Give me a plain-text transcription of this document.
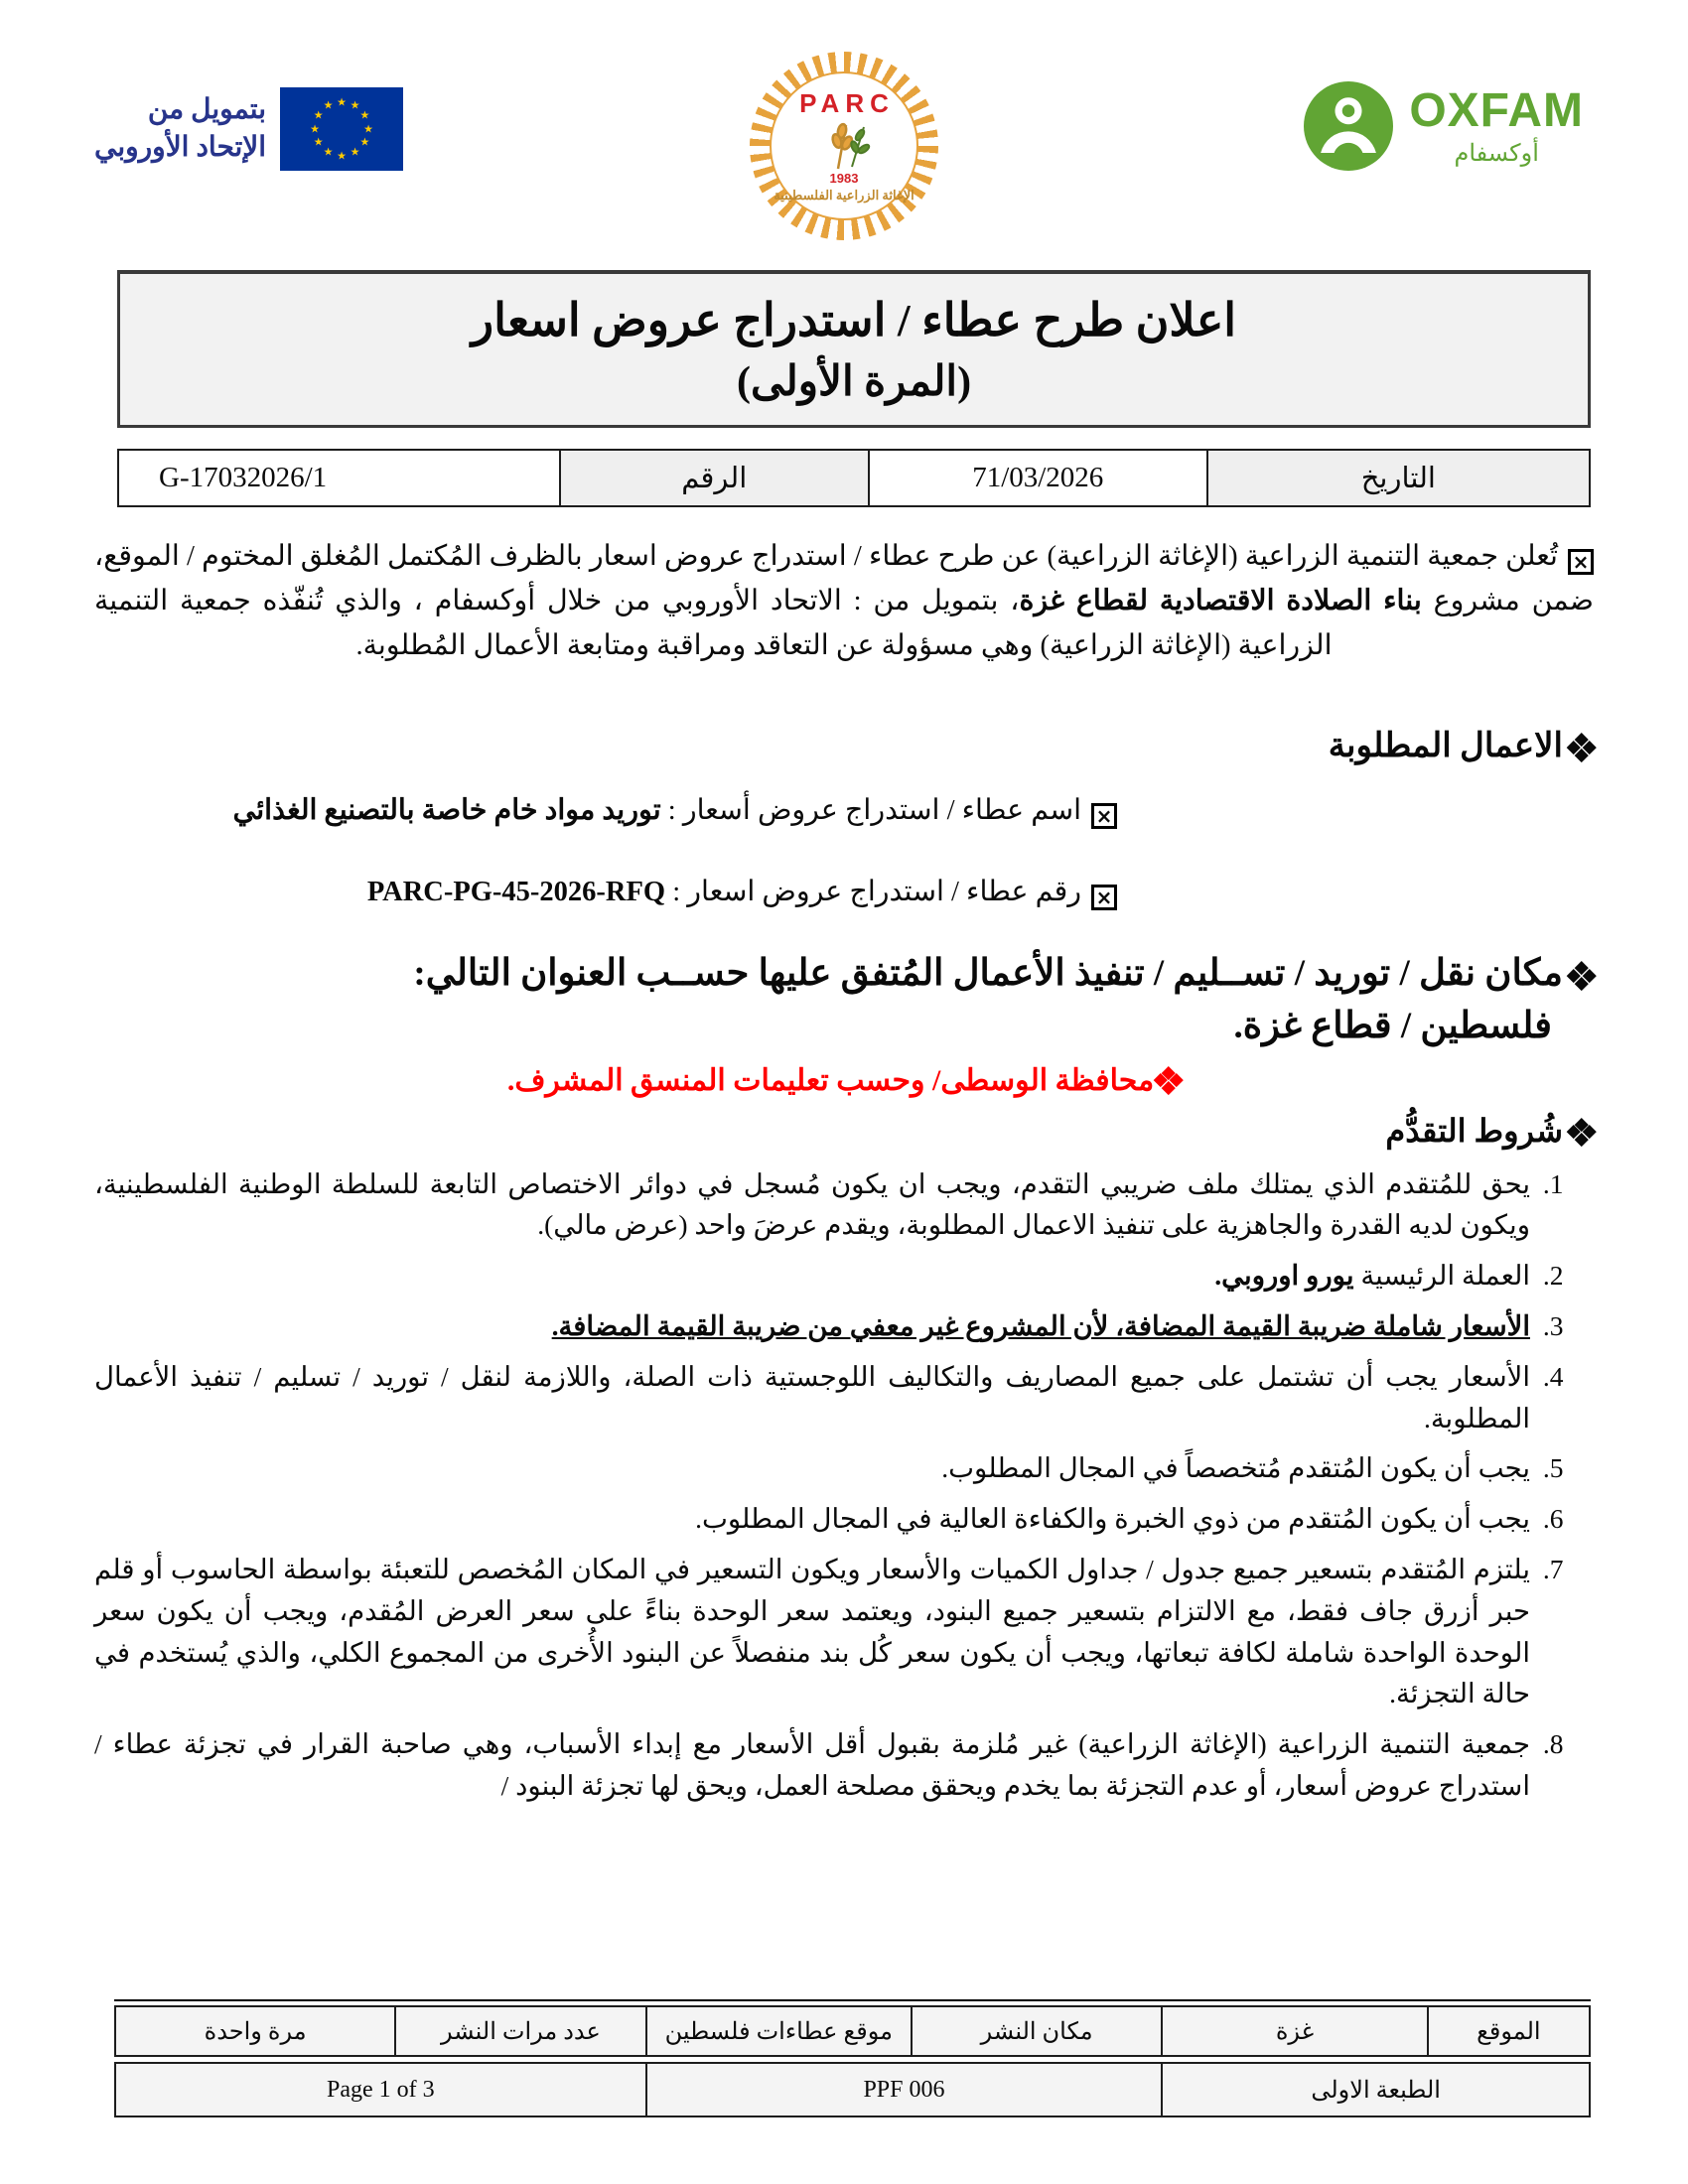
بتمويل من
الإتحاد الأوروبي
★ ★
★
★
★
★
★
★
★
★
★
★	PARC
1983
الإغاثة الزراعية الفلسطينية
OXFAM
أوكسفام
اعلان طرح عطاء / استدراج عروض اسعار
(المرة الأولى)
التاريخ	71/03/2026	الرقم	G-17032026/1

×تُعلن جمعية التنمية الزراعية (الإغاثة الزراعية) عن طرح عطاء / استدراج عروض اسعار بالظرف المُكتمل المُغلق المختوم / الموقع، ضمن مشروع بناء الصلادة الاقتصادية لقطاع غزة، بتمويل من : الاتحاد الأوروبي من خلال أوكسفام ، والذي تُنفّذه جمعية التنمية الزراعية (الإغاثة الزراعية) وهي مسؤولة عن التعاقد ومراقبة ومتابعة الأعمال المُطلوبة.

الاعمال المطلوبة
×اسم عطاء / استدراج عروض أسعار : توريد مواد خام خاصة بالتصنيع الغذائي
×رقم عطاء / استدراج عروض اسعار : PARC-PG-45-2026-RFQ
مكان نقل / توريد / تســليم / تنفيذ الأعمال المُتفق عليها حســب العنوان التالي:
فلسطين / قطاع غزة.
محافظة الوسطى/ وحسب تعليمات المنسق المشرف.
شُروط التقدُّم
1. يحق للمُتقدم الذي يمتلك ملف ضريبي التقدم، ويجب ان يكون مُسجل في دوائر الاختصاص التابعة للسلطة الوطنية الفلسطينية، ويكون لديه القدرة والجاهزية على تنفيذ الاعمال المطلوبة، ويقدم عرضَ واحد (عرض مالي).
2. العملة الرئيسية يورو اوروبي.
3. الأسعار شاملة ضريبة القيمة المضافة، لأن المشروع غير معفي من ضريبة القيمة المضافة.
4. الأسعار يجب أن تشتمل على جميع المصاريف والتكاليف اللوجستية ذات الصلة، واللازمة لنقل / توريد / تسليم / تنفيذ الأعمال المطلوبة.
5. يجب أن يكون المُتقدم مُتخصصاً في المجال المطلوب.
6. يجب أن يكون المُتقدم من ذوي الخبرة والكفاءة العالية في المجال المطلوب.
7. يلتزم المُتقدم بتسعير جميع جدول / جداول الكميات والأسعار ويكون التسعير في المكان المُخصص للتعبئة بواسطة الحاسوب أو قلم حبر أزرق جاف فقط، مع الالتزام بتسعير جميع البنود، ويعتمد سعر الوحدة بناءً على سعر العرض المُقدم، ويجب أن يكون سعر الوحدة الواحدة شاملة لكافة تبعاتها، ويجب أن يكون سعر كُل بند منفصلاً عن البنود الأُخرى من المجموع الكلي، والذي يُستخدم في حالة التجزئة.
8. جمعية التنمية الزراعية (الإغاثة الزراعية) غير مُلزمة بقبول أقل الأسعار مع إبداء الأسباب، وهي صاحبة القرار في تجزئة عطاء / استدراج عروض أسعار، أو عدم التجزئة بما يخدم ويحقق مصلحة العمل، ويحق لها تجزئة البنود /
الموقع	غزة	مكان النشر	موقع عطاءات فلسطين	عدد مرات النشر	مرة واحدة
الطبعة الاولى	PPF 006	Page 1 of 3
